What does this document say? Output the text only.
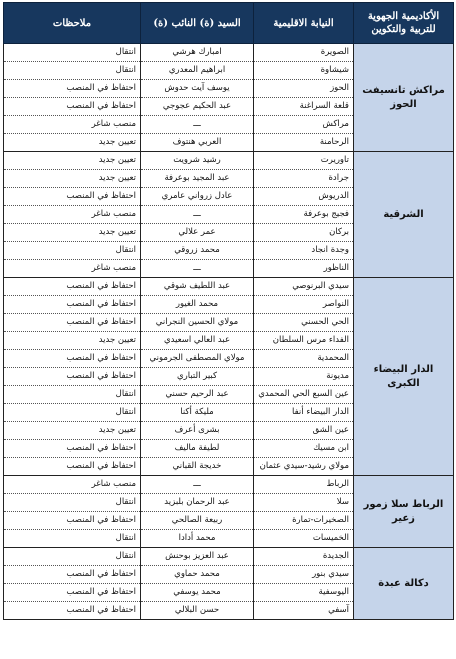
الأكاديمية الجهوية للتربية والتكوين	النيابة الاقليمية	السيد (ة) النائب (ة)	ملاحظات
مراكش تانسيفت الحوز	الصويرة	امبارك هرشي	انتقال
	شيشاوة	ابراهيم المعدري	انتقال
	الحوز	يوسف آيت حدوش	احتفاظ في المنصب
	قلعة السراغنة	عبد الحكيم عجوجي	احتفاظ في المنصب
	مراكش	ـــ	منصب شاغر
	الرحامنة	العربي هنتوف	تعيين جديد
الشرقية	تاوريرت	رشيد شرويت	تعيين جديد
	جرادة	عبد المجيد بوعرفة	تعيين جديد
	الدريوش	عادل زرواني عامري	احتفاظ في المنصب
	فجيج بوعرفة	ـــ	منصب شاغر
	بركان	عمر علالي	تعيين جديد
	وجدة انجاد	محمد زروقي	انتقال
	الناظور	ـــ	منصب شاغر
الدار البيضاء الكبرى	سيدي البرنوصي	عبد اللطيف شوقي	احتفاظ في المنصب
	النواصر	محمد الغيور	احتفاظ في المنصب
	الحي الحسني	مولاي الحسين النجراني	احتفاظ في المنصب
	الفداء مرس السلطان	عبد العالي اسعيدي	تعيين جديد
	المحمدية	مولاي المصطفى الجرموني	احتفاظ في المنصب
	مديونة	كبير التباري	احتفاظ في المنصب
	عين السبع الحي المحمدي	عبد الرحيم حسني	انتقال
	الدار البيضاء أنفا	مليكة أكنا	انتقال
	عين الشق	بشرى أعرف	تعيين جديد
	ابن مسيك	لطيفة ماليف	احتفاظ في المنصب
	مولاي رشيد-سيدي عثمان	خديجة القباني	احتفاظ في المنصب
الرباط سلا زمور زعير	الرباط	ـــ	منصب شاغر
	سلا	عبد الرحمان بلبزيد	انتقال
	الصخيرات-تمارة	ربيعة الصالحي	احتفاظ في المنصب
	الخميسات	محمد أدادا	انتقال
دكالة عبدة	الجديدة	عبد العزيز بوحنش	انتقال
	سيدي بنور	محمد حماوي	احتفاظ في المنصب
	اليوسفية	محمد يوسفي	احتفاظ في المنصب
	آسفي	حسن البلالي	احتفاظ في المنصب
